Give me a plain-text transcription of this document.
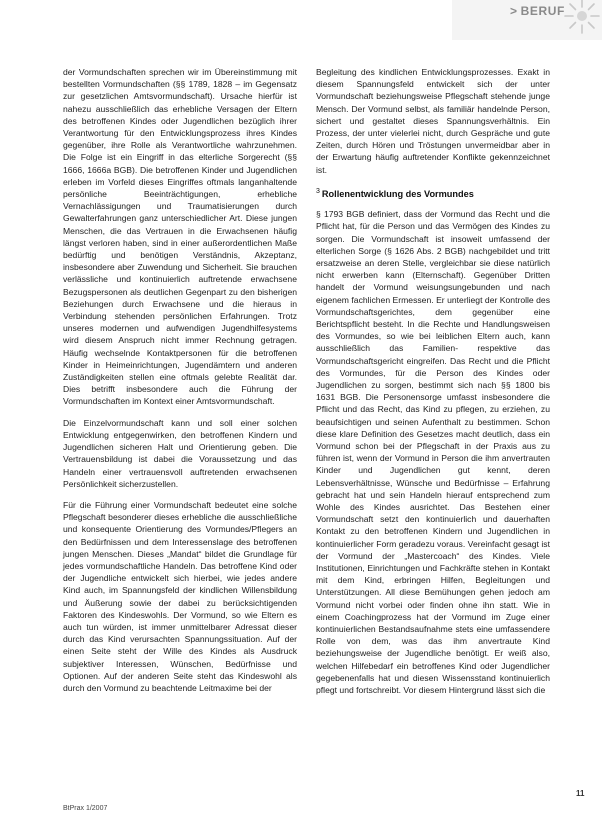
> BERUF

der Vormundschaften sprechen wir im Übereinstimmung mit bestellten Vormundschaften (§§ 1789, 1828 – im Gegensatz zur gesetzlichen Amtsvormundschaft). Ursache hierfür ist nahezu ausschließlich das erhebliche Versagen der Eltern des betroffenen Kindes oder Jugendlichen bezüglich ihrer Verantwortung für den Entwicklungsprozess ihres Kindes gegenüber, ihre Rolle als Verantwortliche wahrzunehmen. Die Folge ist ein Eingriff in das elterliche Sorgerecht (§§ 1666, 1666a BGB). Die betroffenen Kinder und Jugendlichen erleben im Vorfeld dieses Eingriffes oftmals langanhaltende persönliche Beeinträchtigungen, erhebliche Vernachlässigungen und Traumatisierungen durch Gewalterfahrungen ganz unterschiedlicher Art. Diese jungen Menschen, die das Vertrauen in die Erwachsenen häufig längst verloren haben, sind in einer außerordentlichen Maße bedürftig und benötigen Verständnis, Akzeptanz, insbesondere aber Zuwendung und Sicherheit. Sie brauchen verlässliche und kontinuierlich auftretende erwachsene Bezugspersonen als deutlichen Gegenpart zu den bisherigen Beziehungen durch Erwachsene und die hieraus in Verbindung stehenden persönlichen Erfahrungen. Trotz unseres modernen und aufwendigen Jugendhilfesystems wird diesem Anspruch nicht immer Rechnung getragen. Häufig wechselnde Kontaktpersonen für die betroffenen Kinder in Heimeinrichtungen, Jugendämtern und anderen Zuständigkeiten stellen eine oftmals gelebte Realität dar. Dies betrifft insbesondere auch die Führung der Vormundschaften im Kontext einer Amtsvormundschaft.

Die Einzelvormundschaft kann und soll einer solchen Entwicklung entgegenwirken, den betroffenen Kindern und Jugendlichen sicheren Halt und Orientierung geben. Die Vertrauensbildung ist dabei die Voraussetzung und das Handeln einer vertrauensvoll auftretenden erwachsenen Persönlichkeit sicherzustellen.

Für die Führung einer Vormundschaft bedeutet eine solche Pflegschaft besonderer dieses erhebliche die ausschließliche und konsequente Orientierung des Vormundes/Pflegers an den Bedürfnissen und dem Interessenslage des betroffenen jungen Menschen. Dieses „Mandat“ bildet die Grundlage für jedes vormundschaftliche Handeln. Das betroffene Kind oder der Jugendliche entwickelt sich hierbei, wie jedes andere Kind auch, im Spannungsfeld der kindlichen Willensbildung und Äußerung sowie der dabei zu berücksichtigenden Faktoren des Kindeswohls. Der Vormund, so wie Eltern es auch tun würden, ist immer unmittelbarer Adressat dieser durch das Kind verursachten Spannungssituation. Auf der einen Seite steht der Wille des Kindes als Ausdruck subjektiver Interessen, Wünschen, Bedürfnisse und Optionen. Auf der anderen Seite steht das Kindeswohl als durch den Vormund zu beachtende Leitmaxime bei der

Begleitung des kindlichen Entwicklungsprozesses. Exakt in diesem Spannungsfeld entwickelt sich der unter Vormundschaft beziehungsweise Pflegschaft stehende junge Mensch. Der Vormund selbst, als familiär handelnde Person, sichert und gestaltet dieses Spannungsverhältnis. Ein Prozess, der unter vielerlei nicht, durch Gespräche und gute Zeiten, durch Hören und Tröstungen unvermeidbar aber in der Erwartung häufig auftretender Konflikte gekennzeichnet ist.

$^3$ Rollenentwicklung des Vormundes

§ 1793 BGB definiert, dass der Vormund das Recht und die Pflicht hat, für die Person und das Vermögen des Kindes zu sorgen. Die Vormundschaft ist insoweit umfassend der elterlichen Sorge (§ 1626 Abs. 2 BGB) nachgebildet und tritt ersatzweise an deren Stelle, vergleichbar sie diese natürlich nicht erwerben kann (Elternschaft). Gegenüber Dritten handelt der Vormund weisungsungebunden und nach eigenem fachlichen Ermessen. Er unterliegt der Kontrolle des Vormundschaftsgerichtes, dem gegenüber eine Berichtspflicht besteht. In die Rechte und Handlungsweisen des Vormundes, so wie bei leiblichen Eltern auch, kann ausschließlich das Familien- respektive das Vormundschaftsgericht eingreifen. Das Recht und die Pflicht des Vormundes, für die Person des Kindes oder Jugendlichen zu sorgen, bestimmt sich nach §§ 1800 bis 1631 BGB. Die Personensorge umfasst insbesondere die Pflicht und das Recht, das Kind zu pflegen, zu erziehen, zu beaufsichtigen und seinen Aufenthalt zu bestimmen. Schon diese klare Definition des Gesetzes macht deutlich, dass ein Vormund schon bei der Pflegschaft in der Praxis aus zu führen ist, wenn der Vormund in Person die ihm anvertrauten Kinder und Jugendlichen gut kennt, deren Lebensverhältnisse, Wünsche und Bedürfnisse – Erfahrung gebracht hat und sein Handeln hierauf entsprechend zum Wohle des Kindes ausrichtet. Das Bestehen einer Vormundschaft setzt den kontinuierlich und dauerhaften Kontakt zu den betroffenen Kindern und Jugendlichen in kontinuierlicher Form geradezu voraus. Vereinfacht gesagt ist der Vormund der „Mastercoach“ des Kindes. Viele Institutionen, Einrichtungen und Fachkräfte stehen in Kontakt mit dem Kind, erbringen Hilfen, Begleitungen und Unterstützungen. All diese Bemühungen gehen jedoch am Vormund nicht vorbei oder finden ohne ihn statt. Wie in einem Coachingprozess hat der Vormund im Zuge einer kontinuierlichen Bestandsaufnahme stets eine umfassendere Rolle von dem, was das ihm anvertraute Kind beziehungsweise der Jugendliche benötigt. Er weiß also, welchen Hilfebedarf ein betroffenes Kind oder Jugendlicher gegebenenfalls hat und diesen Wissensstand kontinuierlich pflegt und fortschreibt. Vor diesem Hintergrund lässt sich die

BtPrax 1/2007
11
